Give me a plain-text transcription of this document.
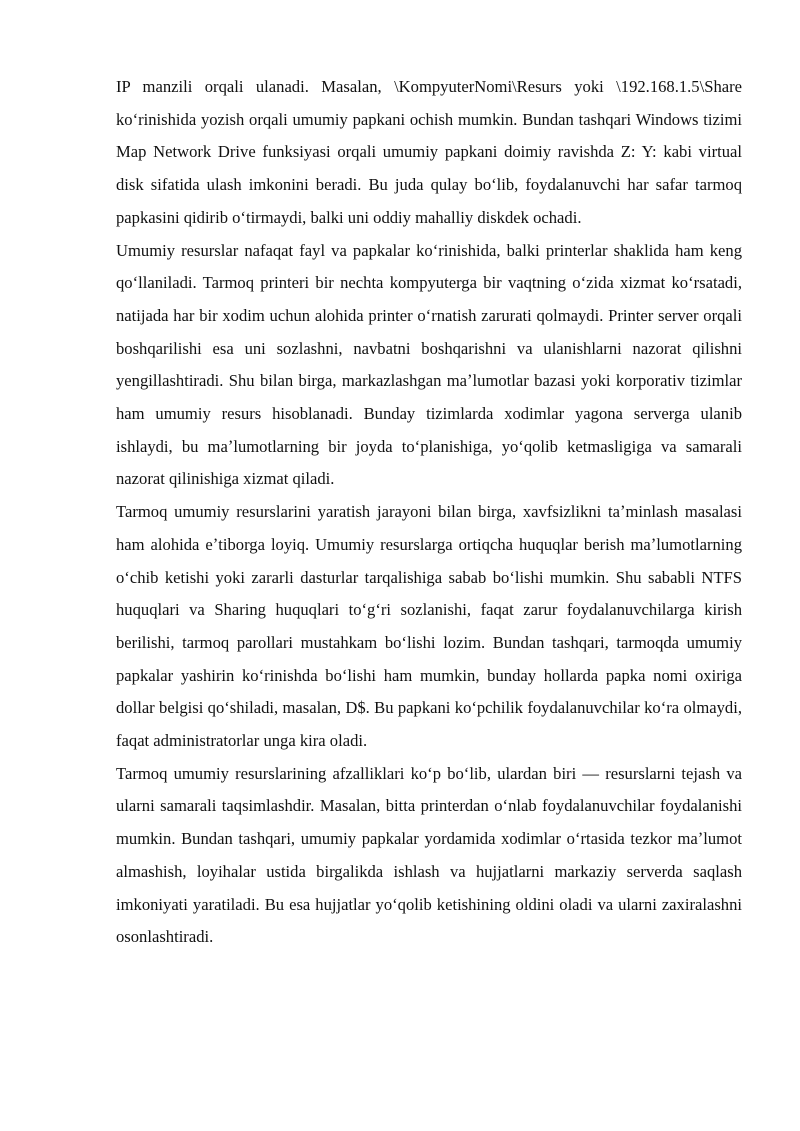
IP manzili orqali ulanadi. Masalan, \KompyuterNomi\Resurs yoki \192.168.1.5\Share koʻrinishida yozish orqali umumiy papkani ochish mumkin. Bundan tashqari Windows tizimi Map Network Drive funksiyasi orqali umumiy papkani doimiy ravishda Z: Y: kabi virtual disk sifatida ulash imkonini beradi. Bu juda qulay boʻlib, foydalanuvchi har safar tarmoq papkasini qidirib oʻtirmaydi, balki uni oddiy mahalliy diskdek ochadi.

Umumiy resurslar nafaqat fayl va papkalar koʻrinishida, balki printerlar shaklida ham keng qoʻllaniladi. Tarmoq printeri bir nechta kompyuterga bir vaqtning oʻzida xizmat koʻrsatadi, natijada har bir xodim uchun alohida printer oʻrnatish zarurati qolmaydi. Printer server orqali boshqarilishi esa uni sozlashni, navbatni boshqarishni va ulanishlarni nazorat qilishni yengillashtiradi. Shu bilan birga, markazlashgan maʼlumotlar bazasi yoki korporativ tizimlar ham umumiy resurs hisoblanadi. Bunday tizimlarda xodimlar yagona serverga ulanib ishlaydi, bu maʼlumotlarning bir joyda toʻplanishiga, yoʻqolib ketmasligiga va samarali nazorat qilinishiga xizmat qiladi.

Tarmoq umumiy resurslarini yaratish jarayoni bilan birga, xavfsizlikni taʼminlash masalasi ham alohida eʼtiborga loyiq. Umumiy resurslarga ortiqcha huquqlar berish maʼlumotlarning oʻchib ketishi yoki zararli dasturlar tarqalishiga sabab boʻlishi mumkin. Shu sababli NTFS huquqlari va Sharing huquqlari toʻgʻri sozlanishi, faqat zarur foydalanuvchilarga kirish berilishi, tarmoq parollari mustahkam boʻlishi lozim. Bundan tashqari, tarmoqda umumiy papkalar yashirin koʻrinishda boʻlishi ham mumkin, bunday hollarda papka nomi oxiriga dollar belgisi qoʻshiladi, masalan, D$. Bu papkani koʻpchilik foydalanuvchilar koʻra olmaydi, faqat administratorlar unga kira oladi.

Tarmoq umumiy resurslarining afzalliklari koʻp boʻlib, ulardan biri — resurslarni tejash va ularni samarali taqsimlashdir. Masalan, bitta printerdan oʻnlab foydalanuvchilar foydalanishi mumkin. Bundan tashqari, umumiy papkalar yordamida xodimlar oʻrtasida tezkor maʼlumot almashish, loyihalar ustida birgalikda ishlash va hujjatlarni markaziy serverda saqlash imkoniyati yaratiladi. Bu esa hujjatlar yoʻqolib ketishining oldini oladi va ularni zaxiralashni osonlashtiradi.
